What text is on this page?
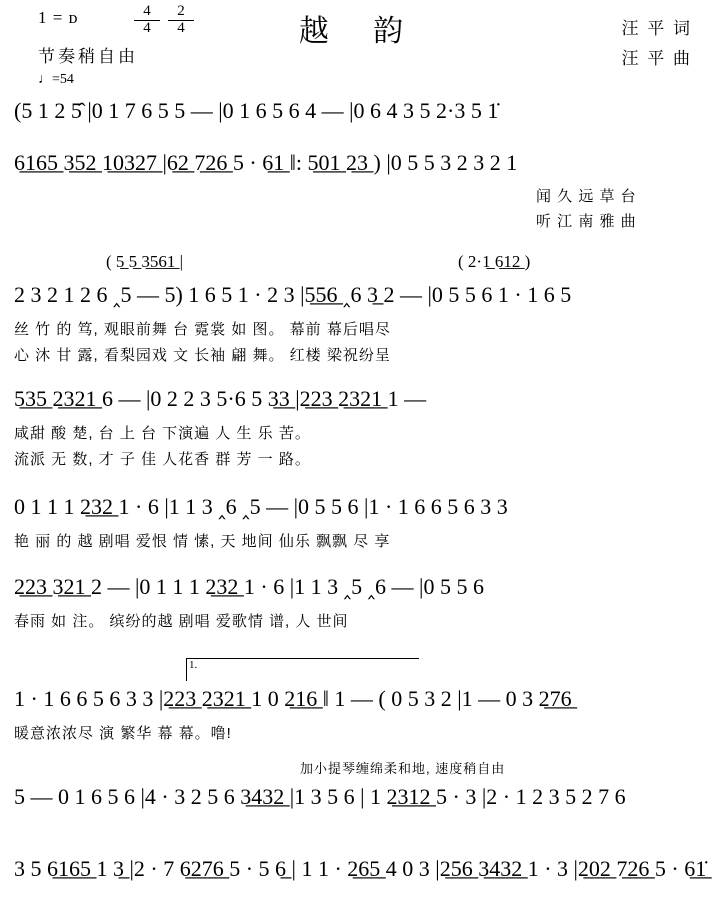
1 = ᴅ	$\frac{4}{4} \frac{2}{4}$
节奏稍自由
♩=54
越 韵	汪 平 词
汪 平 曲
(5 1 2 5̂ |0 1 7 6 5 5 — |0 1 6 5 6 4 — |0 6 4 3 5 2·3 5 1̇
6̲1̲6̲5̲ 3̲5̲2̲ 1̲0̲3̲2̲7̲ |6̲2̲ 7̲2̲6̲ 5 · 6̲1̲ ‖: 5̲0̲1̲ 2̲3̲ ) |0 5 5 3 2 3 2 1
闻 久 远 草 台
听 江 南 雅 曲
( 5̲ 5̲ 3̲5̲6̲1̲ |	( 2·1̲ 6̲1̲2̲ )
2 3 2 1 2 6 ‸5 — 5) 1 6 5 1 · 2 3 |5̲5̲6̲ ‸6 3̲ 2 — |0 5 5 6 1 · 1 6 5
丝 竹 的 笃, 观眼前舞 台 霓裳 如 图。 幕前 幕后唱尽
心 沐 甘 露, 看梨园戏 文 长袖 翩 舞。 红楼 梁祝纷呈
5̲3̲5̲ 2̲3̲2̲1̲ 6 — |0 2 2 3 5·6 5 3̲3̲ |2̲2̲3̲ 2̲3̲2̲1̲ 1 —
咸甜 酸 楚, 台 上 台 下演遍 人 生 乐 苦。
流派 无 数, 才 子 佳 人花香 群 芳 一 路。
0 1 1 1 2̲3̲2̲ 1 · 6 |1 1 3 ‸6 ‸5 — |0 5 5 6 |1 · 1 6 6 5 6 3 3
艳 丽 的 越 剧唱 爱恨 情 愫, 天 地间 仙乐 飘飘 尽 享
2̲2̲3̲ 3̲2̲1̲ 2 — |0 1 1 1 2̲3̲2̲ 1 · 6 |1 1 3 ‸5 ‸6 — |0 5 5 6
春雨 如 注。 缤纷的越 剧唱 爱歌情 谱, 人 世间
1.
1 · 1 6 6 5 6 3 3 |2̲2̲3̲ 2̲3̲2̲1̲ 1 0 2̲1̲6̲ ‖ 1 — ( 0 5 3 2 |1 — 0 3 2̲7̲6̲
暖意浓浓尽 演 繁华 幕 幕。噜!
加小提琴缠绵柔和地, 速度稍自由
5 — 0 1 6 5 6 |4 · 3 2 5 6 3̲4̲3̲2̲ |1 3 5 6 | 1 2̲3̲1̲2̲ 5 · 3 |2 · 1 2 3 5 2 7 6
3 5 6̲1̲6̲5̲ 1 3̲ |2 · 7 6̲2̲7̲6̲ 5 · 5 6̲ | 1 1 · 2̲6̲5̲ 4 0 3 |2̲5̲6̲ 3̲4̲3̲2̲ 1 · 3 |2̲0̲2̲ 7̲2̲6̲ 5 · 6̲1̲̇
